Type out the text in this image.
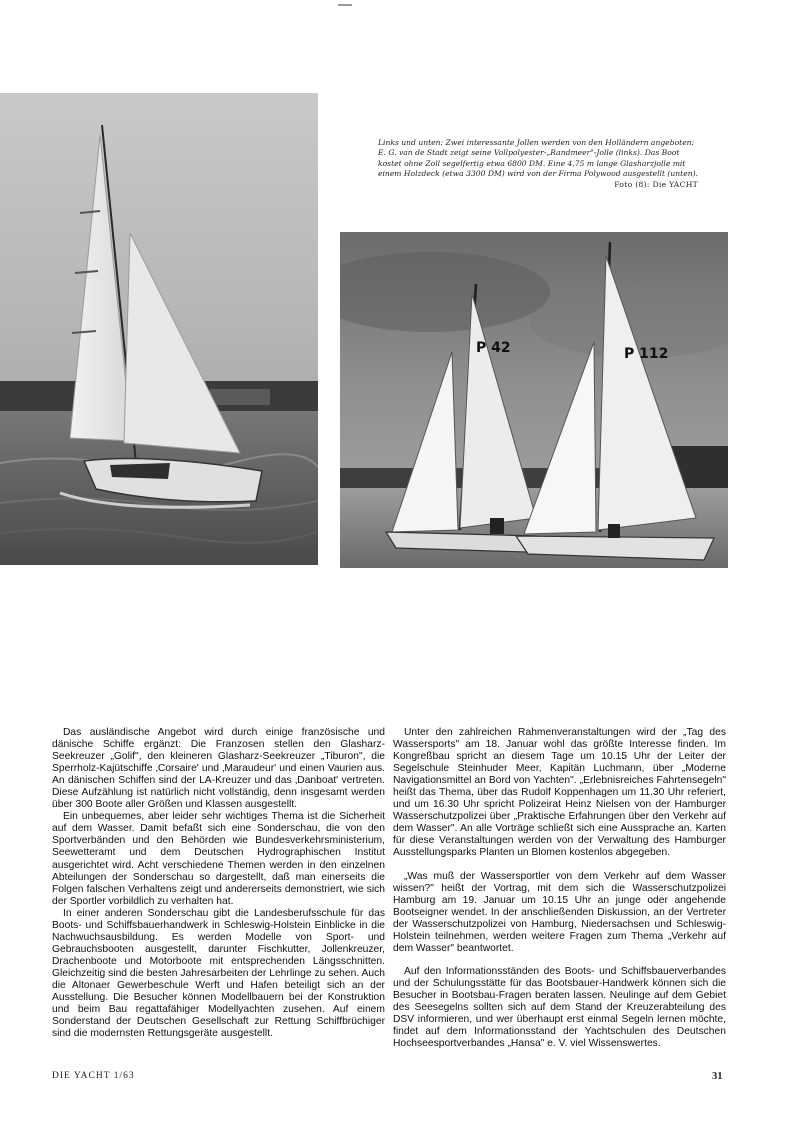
Links und unten: Zwei interessante Jollen werden von den Holländern angeboten: E. G. van de Stadt zeigt seine Vollpolyester-„Randmeer"-Jolle (links). Das Boot kostet ohne Zoll segelfertig etwa 6800 DM. Eine 4,75 m lange Glasharzjolle mit einem Holzdeck (etwa 3300 DM) wird von der Firma Polywood ausgestellt (unten).
Foto (8): Die YACHT
P 42	P 112

Das ausländische Angebot wird durch einige französische und dänische Schiffe ergänzt: Die Franzosen stellen den Glasharz-Seekreuzer „Golif", den kleineren Glasharz-Seekreuzer „Tiburon", die Sperrholz-Kajütschiffe ‚Corsaire' und ‚Maraudeur' und einen Vaurien aus. An dänischen Schiffen sind der LA-Kreuzer und das ‚Danboat' vertreten. Diese Aufzählung ist natürlich nicht vollständig, denn insgesamt werden über 300 Boote aller Größen und Klassen ausgestellt.

Ein unbequemes, aber leider sehr wichtiges Thema ist die Sicherheit auf dem Wasser. Damit befaßt sich eine Sonderschau, die von den Sportverbänden und den Behörden wie Bundesverkehrsministerium, Seewetteramt und dem Deutschen Hydrographischen Institut ausgerichtet wird. Acht verschiedene Themen werden in den einzelnen Abteilungen der Sonderschau so dargestellt, daß man einerseits die Folgen falschen Verhaltens zeigt und andererseits demonstriert, wie sich der Sportler vorbildlich zu verhalten hat.

In einer anderen Sonderschau gibt die Landesberufsschule für das Boots- und Schiffsbauerhandwerk in Schleswig-Holstein Einblicke in die Nachwuchsausbildung. Es werden Modelle von Sport- und Gebrauchsbooten ausgestellt, darunter Fischkutter, Jollenkreuzer, Drachenboote und Motorboote mit entsprechenden Längsschnitten. Gleichzeitig sind die besten Jahresarbeiten der Lehrlinge zu sehen. Auch die Altonaer Gewerbeschule Werft und Hafen beteiligt sich an der Ausstellung. Die Besucher können Modellbauern bei der Konstruktion und beim Bau regattafähiger Modellyachten zusehen. Auf einem Sonderstand der Deutschen Gesellschaft zur Rettung Schiffbrüchiger sind die modernsten Rettungsgeräte ausgestellt.

Unter den zahlreichen Rahmenveranstaltungen wird der „Tag des Wassersports" am 18. Januar wohl das größte Interesse finden. Im Kongreßbau spricht an diesem Tage um 10.15 Uhr der Leiter der Segelschule Steinhuder Meer, Kapitän Luchmann, über „Moderne Navigationsmittel an Bord von Yachten". „Erlebnisreiches Fahrtensegeln" heißt das Thema, über das Rudolf Koppenhagen um 11.30 Uhr referiert, und um 16.30 Uhr spricht Polizeirat Heinz Nielsen von der Hamburger Wasserschutzpolizei über „Praktische Erfahrungen über den Verkehr auf dem Wasser". An alle Vorträge schließt sich eine Aussprache an. Karten für diese Veranstaltungen werden von der Verwaltung des Hamburger Ausstellungsparks Planten un Blomen kostenlos abgegeben.

„Was muß der Wassersportler von dem Verkehr auf dem Wasser wissen?" heißt der Vortrag, mit dem sich die Wasserschutzpolizei Hamburg am 19. Januar um 10.15 Uhr an junge oder angehende Bootseigner wendet. In der anschließenden Diskussion, an der Vertreter der Wasserschutzpolizei von Hamburg, Niedersachsen und Schleswig-Holstein teilnehmen, werden weitere Fragen zum Thema „Verkehr auf dem Wasser" beantwortet.

Auf den Informationsständen des Boots- und Schiffsbauerverbandes und der Schulungsstätte für das Bootsbauer-Handwerk können sich die Besucher in Bootsbau-Fragen beraten lassen. Neulinge auf dem Gebiet des Seesegelns sollten sich auf dem Stand der Kreuzerabteilung des DSV informieren, und wer überhaupt erst einmal Segeln lernen möchte, findet auf dem Informationsstand der Yachtschulen des Deutschen Hochseesportverbandes „Hansa" e. V. viel Wissenswertes.

DIE YACHT 1/63	31
